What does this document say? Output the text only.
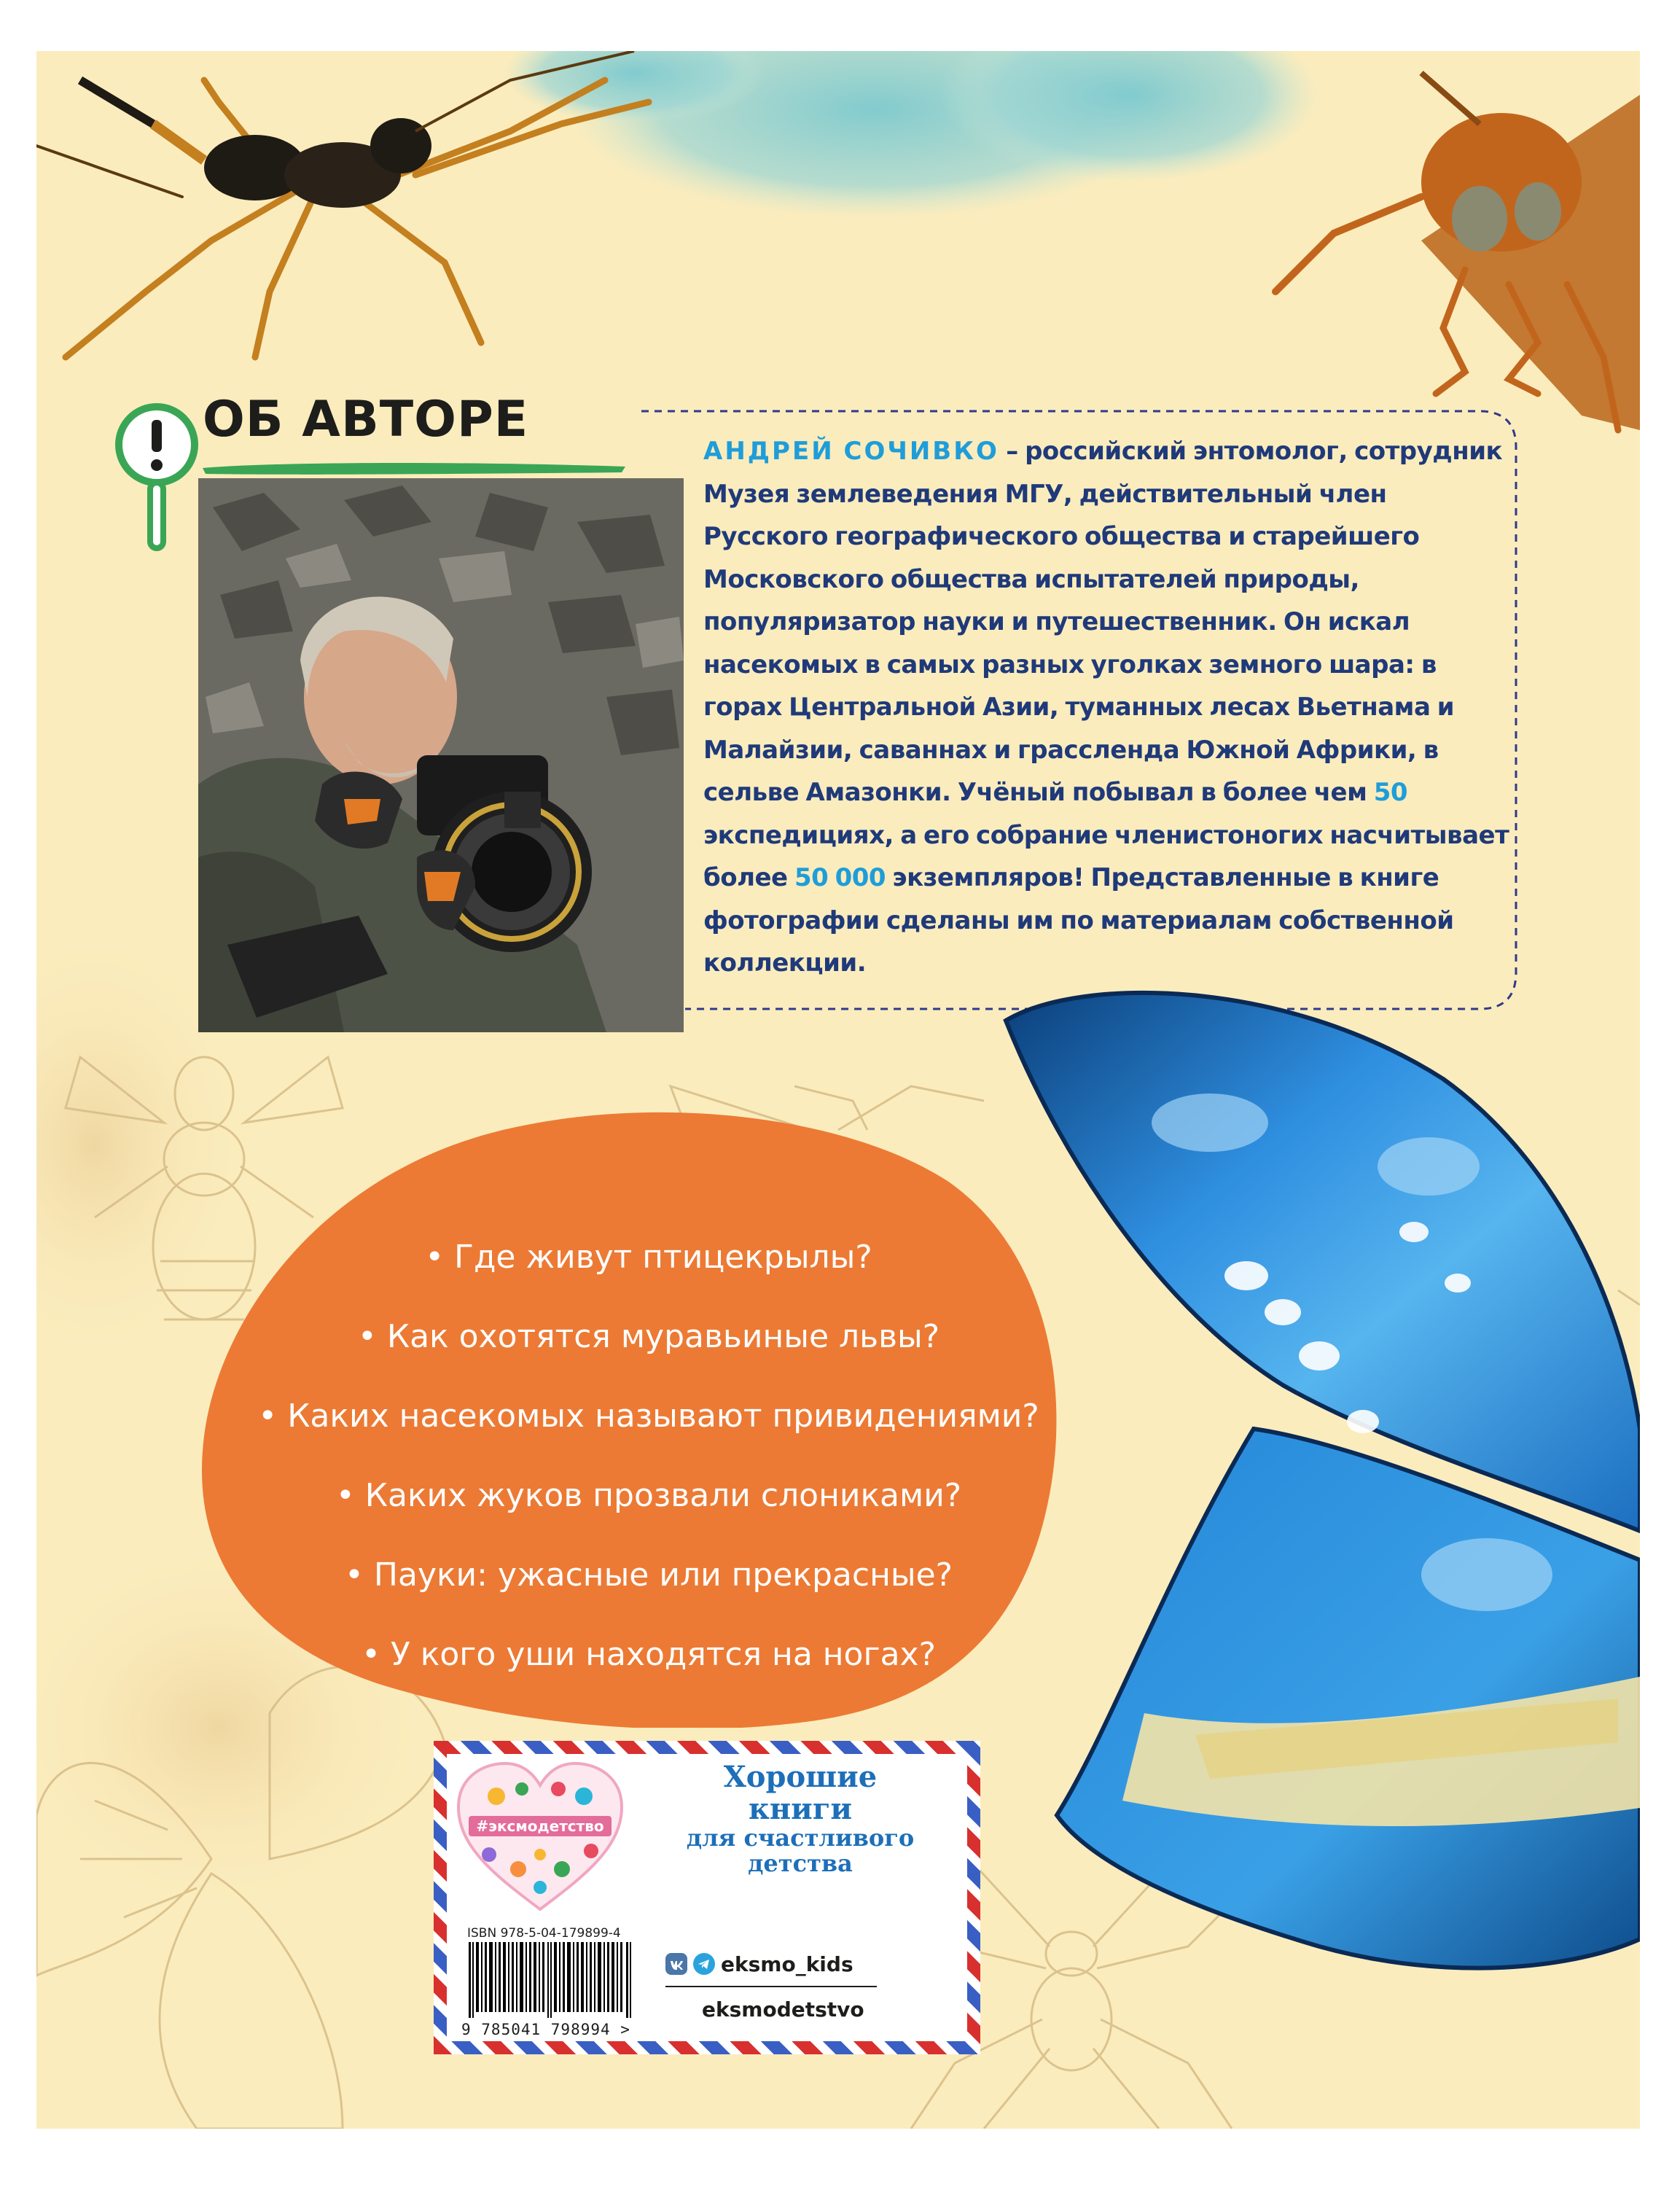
ОБ АВТОРЕ
АНДРЕЙ СОЧИВКО – российский энтомолог, сотрудник Музея землеведения МГУ, действительный член Русского географического общества и старейшего Московского общества испытателей природы, популяризатор науки и путешественник. Он искал насекомых в самых разных уголках земного шара: в горах Центральной Азии, туманных лесах Вьетнама и Малайзии, саваннах и грассленда Южной Африки, в сельве Амазонки. Учёный побывал в более чем 50 экспедициях, а его собрание членистоногих насчитывает более 50 000 экземпляров! Представленные в книге фотографии сделаны им по материалам собственной коллекции.
• Где живут птицекрылы?
• Как охотятся муравьиные львы?
• Каких насекомых называют привидениями?
• Каких жуков прозвали слониками?
• Пауки: ужасные или прекрасные?
• У кого уши находятся на ногах?
#эксмодетство
Хорошие
книги
для счастливого
детства
ISBN 978-5-04-179899-4
9 785041 798994 >
eksmo_kids
eksmodetstvo
